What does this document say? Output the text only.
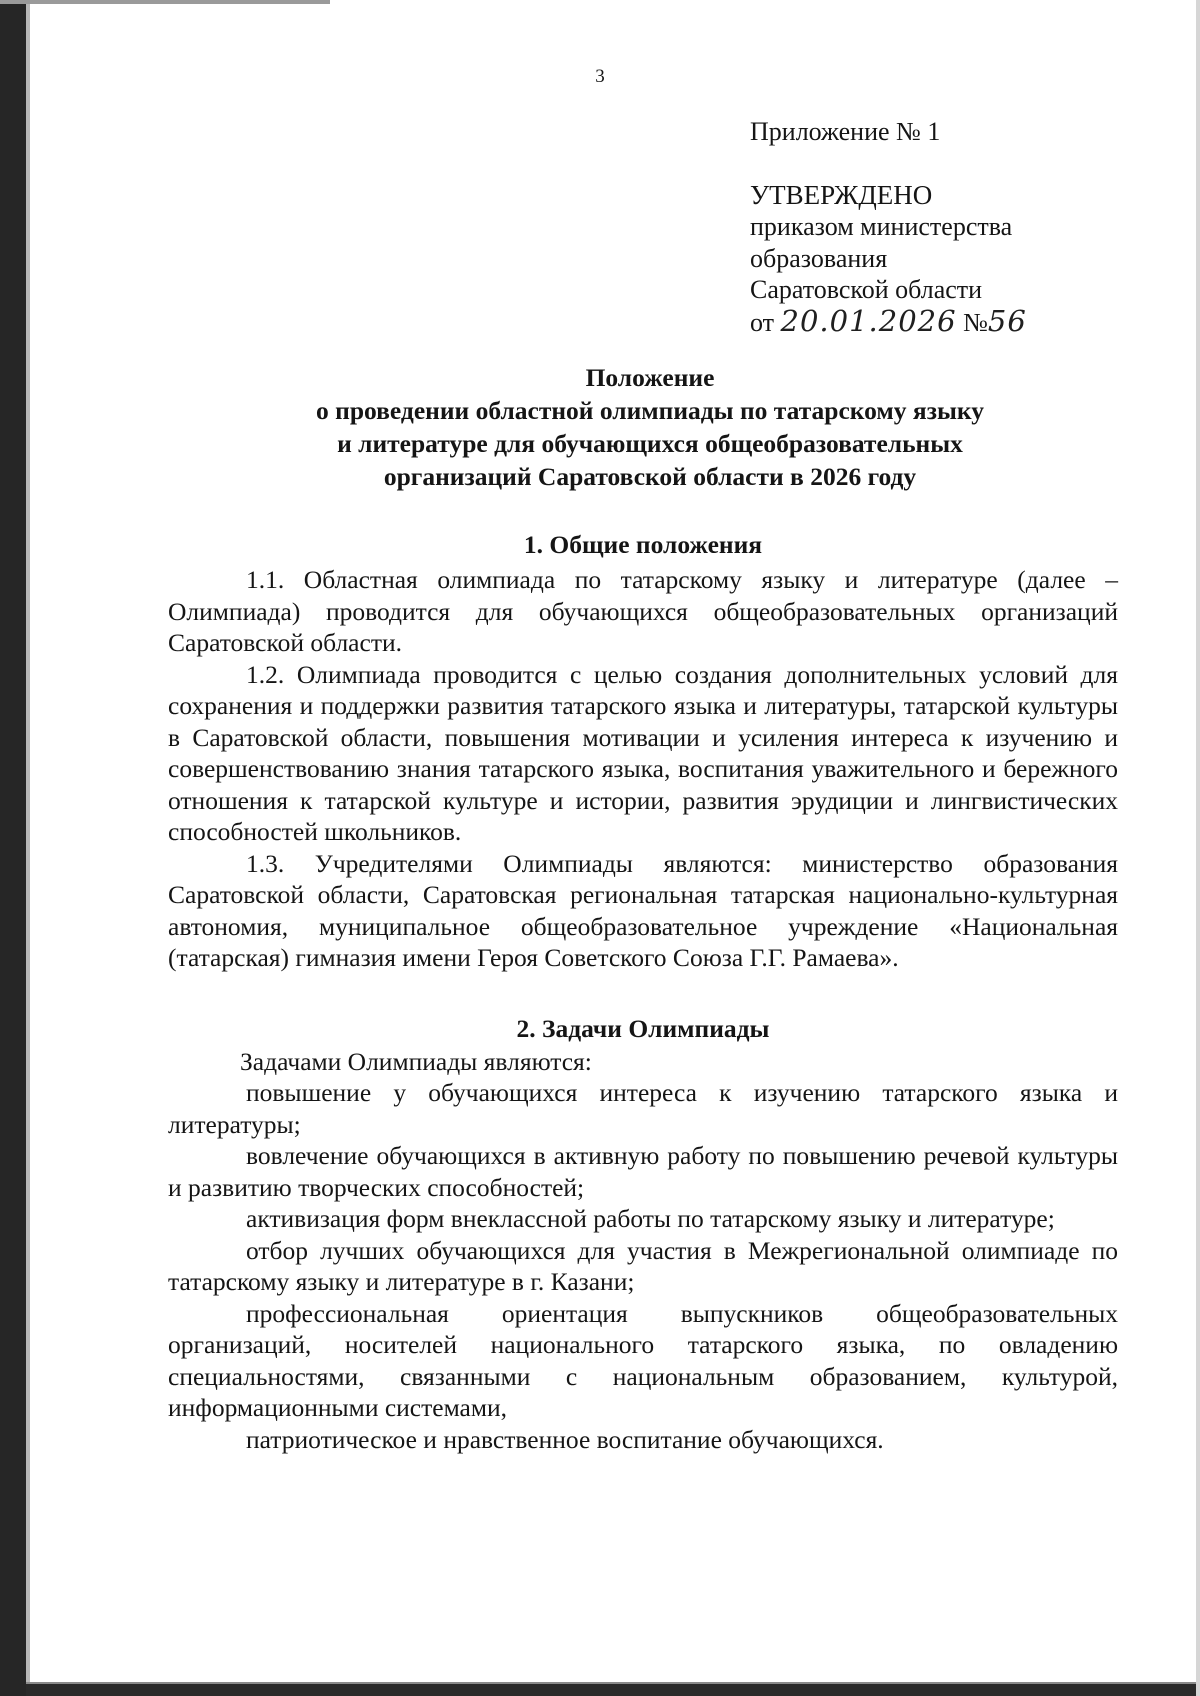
3
Приложение № 1
УТВЕРЖДЕНО
приказом министерства
образования
Саратовской области
от 20.01.2026 №56
Положение
о проведении областной олимпиады по татарскому языку
и литературе для обучающихся общеобразовательных
организаций Саратовской области в 2026 году
1. Общие положения

1.1. Областная олимпиада по татарскому языку и литературе (далее – Олимпиада) проводится для обучающихся общеобразовательных организаций Саратовской области.

1.2. Олимпиада проводится с целью создания дополнительных условий для сохранения и поддержки развития татарского языка и литературы, татарской культуры в Саратовской области, повышения мотивации и усиления интереса к изучению и совершенствованию знания татарского языка, воспитания уважительного и бережного отношения к татарской культуре и истории, развития эрудиции и лингвистических способностей школьников.

1.3. Учредителями Олимпиады являются: министерство образования Саратовской области, Саратовская региональная татарская национально-культурная автономия, муниципальное общеобразовательное учреждение «Национальная (татарская) гимназия имени Героя Советского Союза Г.Г. Рамаева».

2. Задачи Олимпиады

Задачами Олимпиады являются:

повышение у обучающихся интереса к изучению татарского языка и литературы;

вовлечение обучающихся в активную работу по повышению речевой культуры и развитию творческих способностей;

активизация форм внеклассной работы по татарскому языку и литературе;

отбор лучших обучающихся для участия в Межрегиональной олимпиаде по татарскому языку и литературе в г. Казани;

профессиональная ориентация выпускников общеобразовательных организаций, носителей национального татарского языка, по овладению специальностями, связанными с национальным образованием, культурой, информационными системами,

патриотическое и нравственное воспитание обучающихся.
